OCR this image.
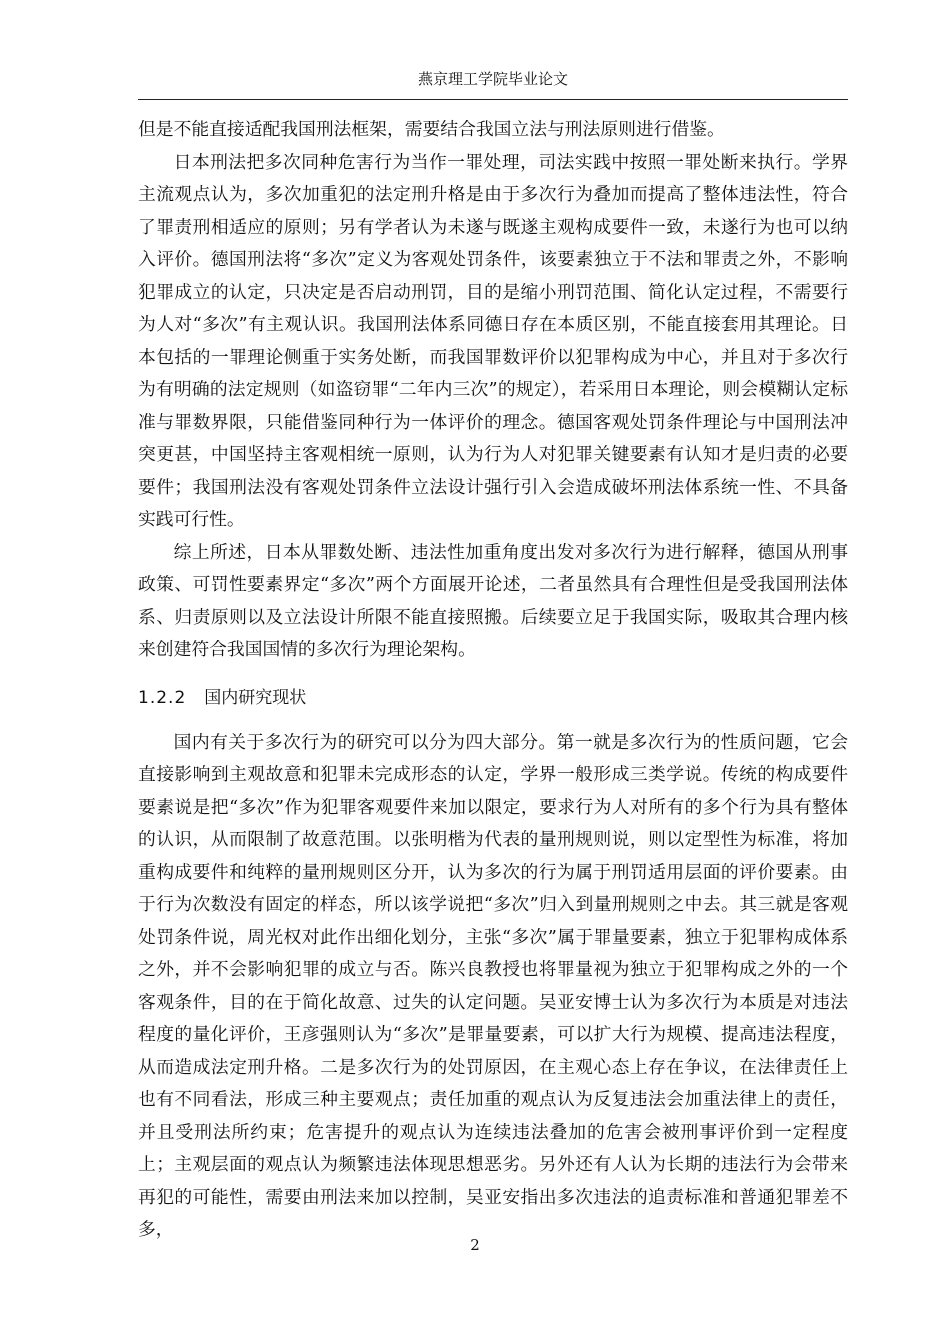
燕京理工学院毕业论文

但是不能直接适配我国刑法框架，需要结合我国立法与刑法原则进行借鉴。

日本刑法把多次同种危害行为当作一罪处理，司法实践中按照一罪处断来执行。学界主流观点认为，多次加重犯的法定刑升格是由于多次行为叠加而提高了整体违法性，符合了罪责刑相适应的原则；另有学者认为未遂与既遂主观构成要件一致，未遂行为也可以纳入评价。德国刑法将“多次”定义为客观处罚条件，该要素独立于不法和罪责之外，不影响犯罪成立的认定，只决定是否启动刑罚，目的是缩小刑罚范围、简化认定过程，不需要行为人对“多次”有主观认识。我国刑法体系同德日存在本质区别，不能直接套用其理论。日本包括的一罪理论侧重于实务处断，而我国罪数评价以犯罪构成为中心，并且对于多次行为有明确的法定规则（如盗窃罪“二年内三次”的规定），若采用日本理论，则会模糊认定标准与罪数界限，只能借鉴同种行为一体评价的理念。德国客观处罚条件理论与中国刑法冲突更甚，中国坚持主客观相统一原则，认为行为人对犯罪关键要素有认知才是归责的必要要件；我国刑法没有客观处罚条件立法设计强行引入会造成破坏刑法体系统一性、不具备实践可行性。

综上所述，日本从罪数处断、违法性加重角度出发对多次行为进行解释，德国从刑事政策、可罚性要素界定“多次”两个方面展开论述，二者虽然具有合理性但是受我国刑法体系、归责原则以及立法设计所限不能直接照搬。后续要立足于我国实际，吸取其合理内核来创建符合我国国情的多次行为理论架构。

1.2.2 国内研究现状

国内有关于多次行为的研究可以分为四大部分。第一就是多次行为的性质问题，它会直接影响到主观故意和犯罪未完成形态的认定，学界一般形成三类学说。传统的构成要件要素说是把“多次”作为犯罪客观要件来加以限定，要求行为人对所有的多个行为具有整体的认识，从而限制了故意范围。以张明楷为代表的量刑规则说，则以定型性为标准，将加重构成要件和纯粹的量刑规则区分开，认为多次的行为属于刑罚适用层面的评价要素。由于行为次数没有固定的样态，所以该学说把“多次”归入到量刑规则之中去。其三就是客观处罚条件说，周光权对此作出细化划分，主张“多次”属于罪量要素，独立于犯罪构成体系之外，并不会影响犯罪的成立与否。陈兴良教授也将罪量视为独立于犯罪构成之外的一个客观条件，目的在于简化故意、过失的认定问题。吴亚安博士认为多次行为本质是对违法程度的量化评价，王彦强则认为“多次”是罪量要素，可以扩大行为规模、提高违法程度，从而造成法定刑升格。二是多次行为的处罚原因，在主观心态上存在争议，在法律责任上也有不同看法，形成三种主要观点；责任加重的观点认为反复违法会加重法律上的责任，并且受刑法所约束；危害提升的观点认为连续违法叠加的危害会被刑事评价到一定程度上；主观层面的观点认为频繁违法体现思想恶劣。另外还有人认为长期的违法行为会带来再犯的可能性，需要由刑法来加以控制，吴亚安指出多次违法的追责标准和普通犯罪差不多，

2
